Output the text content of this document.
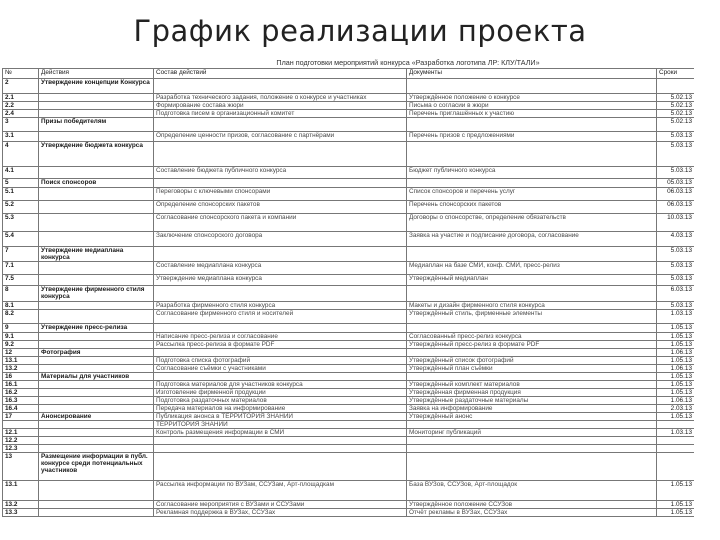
График реализации проекта
План подготовки мероприятий конкурса «Разработка логотипа ЛР: КЛУ/ТАЛИ»
№	Действия	Состав действий	Документы	Сроки
2	Утверждение концепции Конкурса			
2.1		Разработка технического задания, положение о конкурсе и участниках	Утверждённое положение о конкурсе	5.02.13
2.2		Формирование состава жюри	Письма о согласии в жюри	5.02.13
2.4		Подготовка писем в организационный комитет	Перечень приглашённых к участию	5.02.13
3	Призы победителям			5.02.13
3.1		Определение ценности призов, согласование с партнёрами	Перечень призов с предложениями	5.03.13
4	Утверждение бюджета конкурса			5.03.13
4.1		Составление бюджета публичного конкурса	Бюджет публичного конкурса	5.03.13
5	Поиск спонсоров			05.03.13
5.1		Переговоры с ключевыми спонсорами	Список спонсоров и перечень услуг	06.03.13
5.2		Определение спонсорских пакетов	Перечень спонсорских пакетов	06.03.13
5.3		Согласование спонсорского пакета и компании	Договоры о спонсорстве, определение обязательств	10.03.13
5.4		Заключение спонсорского договора	Заявка на участие и подписание договора, согласование	4.03.13
7	Утверждение медиаплана конкурса			5.03.13
7.1		Составление медиаплана конкурса	Медиаплан на базе СМИ, конф. СМИ, пресс-релиз	5.03.13
7.5		Утверждение медиаплана конкурса	Утверждённый медиаплан	5.03.13
8	Утверждение фирменного стиля конкурса			6.03.13
8.1		Разработка фирменного стиля конкурса	Макеты и дизайн фирменного стиля конкурса	5.03.13
8.2		Согласование фирменного стиля и носителей	Утверждённый стиль, фирменные элементы	1.03.13
9	Утверждение пресс-релиза			1.05.13
9.1		Написание пресс-релиза и согласование	Согласованный пресс-релиз конкурса	1.05.13
9.2		Рассылка пресс-релиза в формате PDF	Утверждённый пресс-релиз в формате PDF	1.05.13
12	Фотография			1.06.13
13.1		Подготовка списка фотографий	Утверждённый список фотографий	1.05.13
13.2		Согласование съёмки с участниками	Утверждённый план съёмки	1.06.13
16	Материалы для участников			1.05.13
16.1		Подготовка материалов для участников конкурса	Утверждённый комплект материалов	1.05.13
16.2		Изготовление фирменной продукции	Утверждённая фирменная продукция	1.05.13
16.3		Подготовка раздаточных материалов	Утверждённые раздаточные материалы	1.06.13
16.4		Передача материалов на информирование	Заявка на информирование	2.03.13
17	Анонсирование	Публикация анонса в ТЕРРИТОРИЯ ЗНАНИЙ	Утверждённый анонс	1.05.13
		ТЕРРИТОРИЯ ЗНАНИЙ		
12.1		Контроль размещения информации в СМИ	Мониторинг публикаций	1.03.13
12.2				
12.3				
13	Размещение информации в публ. конкурсе среди потенциальных участников			
13.1		Рассылка информации по ВУЗам, ССУЗам, Арт-площадкам	База ВУЗов, ССУЗов, Арт-площадок	1.05.13
13.2		Согласование мероприятия с ВУЗами и ССУЗами	Утверждённое положение ССУЗов	1.05.13
13.3		Рекламная поддержка в ВУЗах, ССУЗах	Отчёт рекламы в ВУЗах, ССУЗах	1.05.13
